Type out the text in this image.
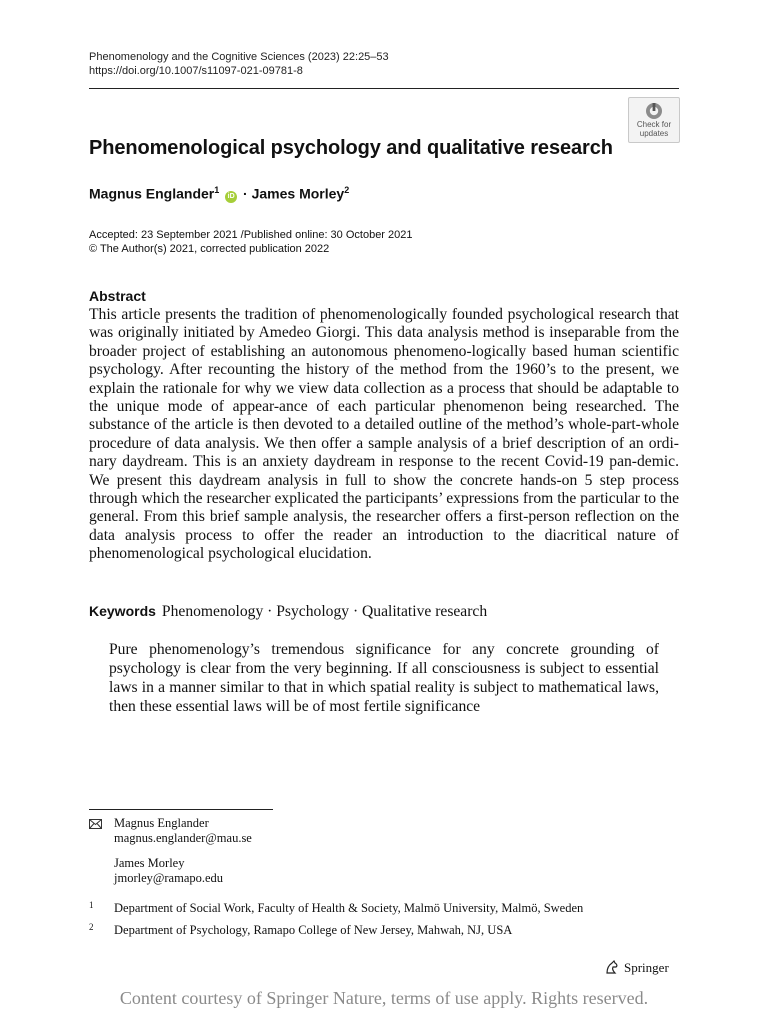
Phenomenology and the Cognitive Sciences (2023) 22:25–53
https://doi.org/10.1007/s11097-021-09781-8
Check for
updates
Phenomenological psychology and qualitative research
Magnus Englander$^1$ iD · James Morley$^2$
Accepted: 23 September 2021 /Published online: 30 October 2021
© The Author(s) 2021, corrected publication 2022
Abstract
This article presents the tradition of phenomenologically founded psychological research that was originally initiated by Amedeo Giorgi. This data analysis method is inseparable from the broader project of establishing an autonomous phenomeno-logically based human scientific psychology. After recounting the history of the method from the 1960’s to the present, we explain the rationale for why we view data collection as a process that should be adaptable to the unique mode of appear-ance of each particular phenomenon being researched. The substance of the article is then devoted to a detailed outline of the method’s whole-part-whole procedure of data analysis. We then offer a sample analysis of a brief description of an ordi-nary daydream. This is an anxiety daydream in response to the recent Covid-19 pan-demic. We present this daydream analysis in full to show the concrete hands-on 5 step process through which the researcher explicated the participants’ expressions from the particular to the general. From this brief sample analysis, the researcher offers a first-person reflection on the data analysis process to offer the reader an introduction to the diacritical nature of phenomenological psychological elucidation.
Keywords Phenomenology · Psychology · Qualitative research
Pure phenomenology’s tremendous significance for any concrete grounding of psychology is clear from the very beginning. If all consciousness is subject to essential laws in a manner similar to that in which spatial reality is subject to mathematical laws, then these essential laws will be of most fertile significance
Magnus Englander
magnus.englander@mau.se
James Morley
jmorley@ramapo.edu
1 Department of Social Work, Faculty of Health & Society, Malmö University, Malmö, Sweden
2 Department of Psychology, Ramapo College of New Jersey, Mahwah, NJ, USA
Springer
Content courtesy of Springer Nature, terms of use apply. Rights reserved.
